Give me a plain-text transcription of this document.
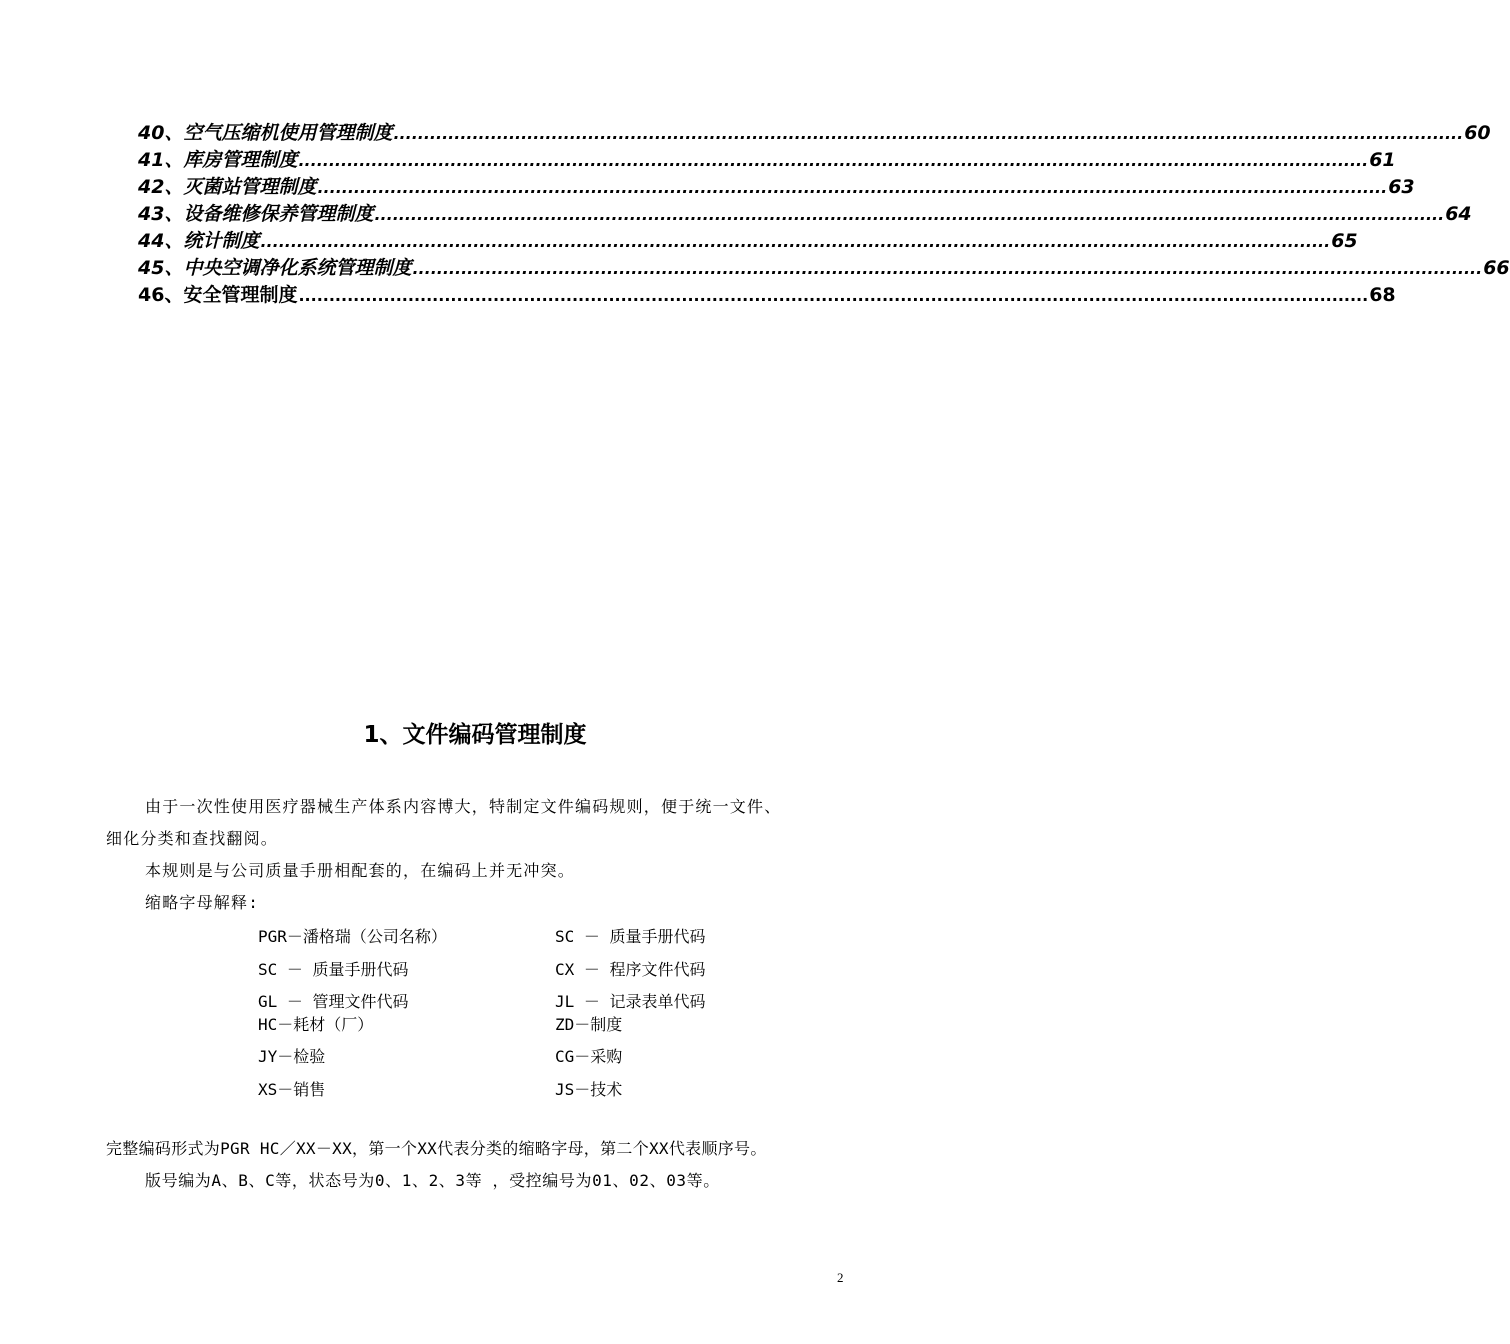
40、空气压缩机使用管理制度 ................................................................................................................................................................................ 60
41、库房管理制度 ................................................................................................................................................................................ 61
42、灭菌站管理制度 ................................................................................................................................................................................ 63
43、设备维修保养管理制度 ................................................................................................................................................................................ 64
44、统计制度 ................................................................................................................................................................................ 65
45、中央空调净化系统管理制度 ................................................................................................................................................................................ 66
46、安全管理制度 ................................................................................................................................................................................ 68
1、文件编码管理制度
由于一次性使用医疗器械生产体系内容博大，特制定文件编码规则，便于统一文件、
细化分类和查找翻阅。
本规则是与公司质量手册相配套的，在编码上并无冲突。
缩略字母解释:
PGR－潘格瑞（公司名称）	SC － 质量手册代码
SC － 质量手册代码	CX － 程序文件代码
GL － 管理文件代码	JL － 记录表单代码
HC－耗材（厂）	ZD－制度
JY－检验	CG－采购
XS－销售	JS－技术
完整编码形式为PGR HC／XX－XX，第一个XX代表分类的缩略字母，第二个XX代表顺序号。
版号编为A、B、C等，状态号为0、1、2、3等 ，受控编号为01、02、03等。
2
